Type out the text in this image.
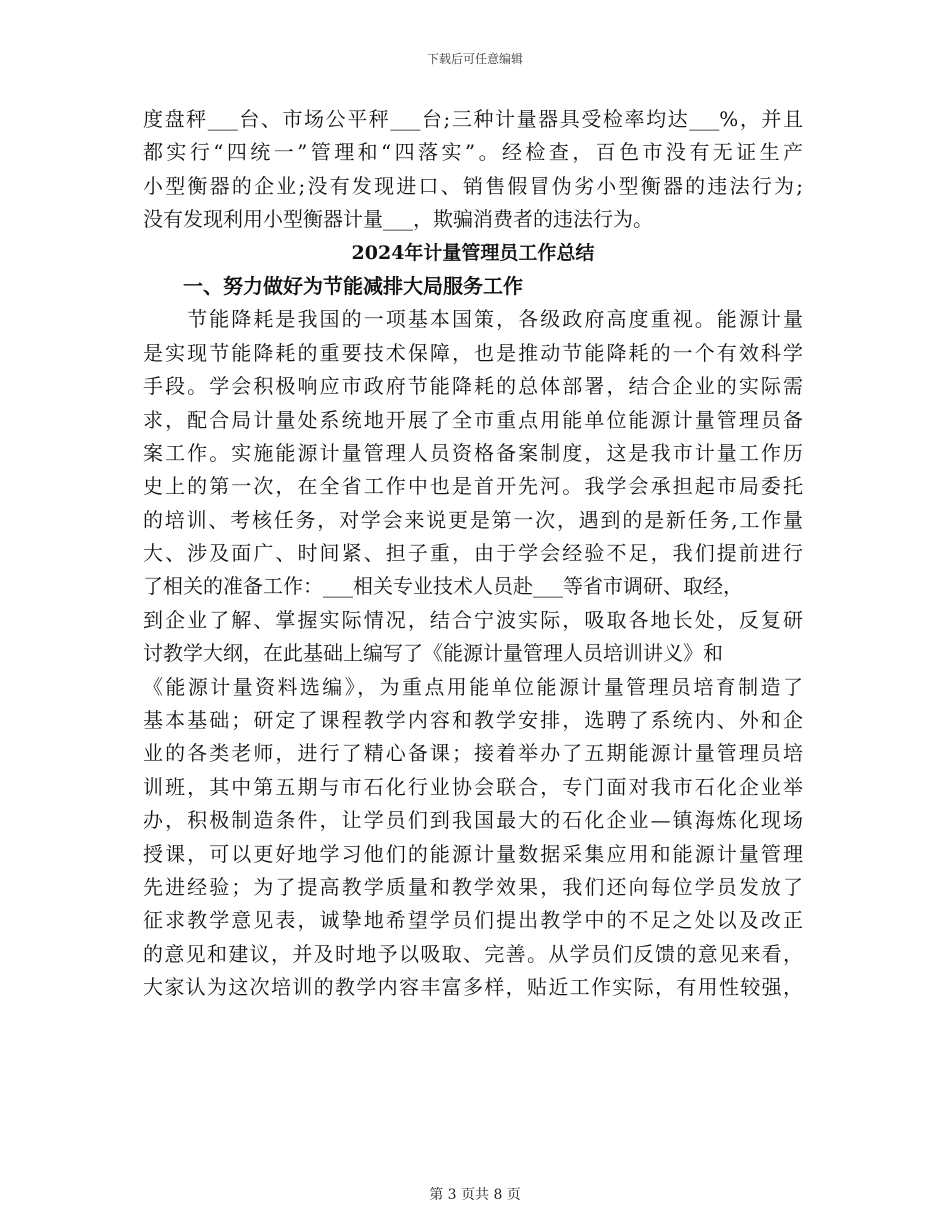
下载后可任意编辑
度盘秤___台、市场公平秤___台;三种计量器具受检率均达___%，并且
都实行“四统一”管理和“四落实”。经检查，百色市没有无证生产
小型衡器的企业;没有发现进口、销售假冒伪劣小型衡器的违法行为;
没有发现利用小型衡器计量___，欺骗消费者的违法行为。
2024年计量管理员工作总结
　　一、努力做好为节能减排大局服务工作
　　节能降耗是我国的一项基本国策，各级政府高度重视。能源计量
是实现节能降耗的重要技术保障，也是推动节能降耗的一个有效科学
手段。学会积极响应市政府节能降耗的总体部署，结合企业的实际需
求，配合局计量处系统地开展了全市重点用能单位能源计量管理员备
案工作。实施能源计量管理人员资格备案制度，这是我市计量工作历
史上的第一次，在全省工作中也是首开先河。我学会承担起市局委托
的培训、考核任务，对学会来说更是第一次，遇到的是新任务,工作量
大、涉及面广、时间紧、担子重，由于学会经验不足，我们提前进行
了相关的准备工作：___相关专业技术人员赴___等省市调研、取经，
到企业了解、掌握实际情况，结合宁波实际，吸取各地长处，反复研
讨教学大纲，在此基础上编写了《能源计量管理人员培训讲义》和
《能源计量资料选编》，为重点用能单位能源计量管理员培育制造了
基本基础；研定了课程教学内容和教学安排，选聘了系统内、外和企
业的各类老师，进行了精心备课；接着举办了五期能源计量管理员培
训班，其中第五期与市石化行业协会联合，专门面对我市石化企业举
办，积极制造条件，让学员们到我国最大的石化企业—镇海炼化现场
授课，可以更好地学习他们的能源计量数据采集应用和能源计量管理
先进经验；为了提高教学质量和教学效果，我们还向每位学员发放了
征求教学意见表，诚挚地希望学员们提出教学中的不足之处以及改正
的意见和建议，并及时地予以吸取、完善。从学员们反馈的意见来看，
大家认为这次培训的教学内容丰富多样，贴近工作实际，有用性较强，
第 3 页共 8 页
